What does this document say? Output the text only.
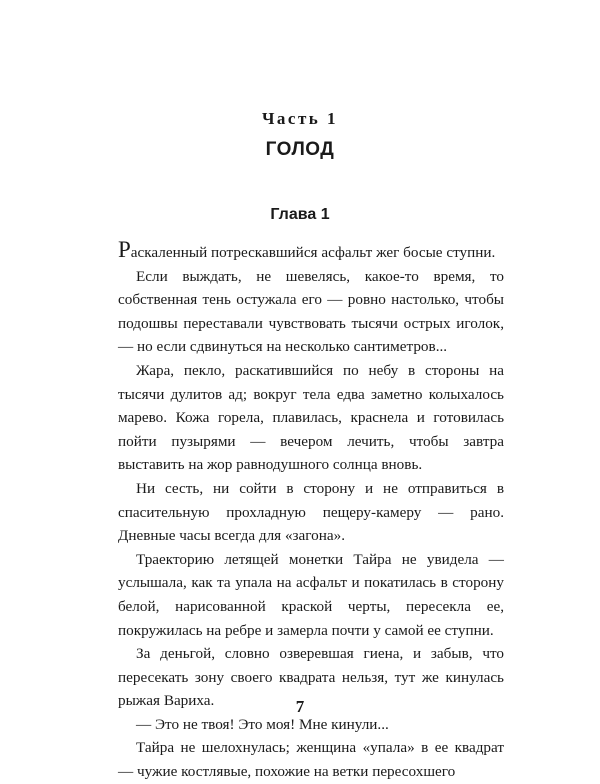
Часть 1
ГОЛОД
Глава 1

Раскаленный потрескавшийся асфальт жег босые ступни.

Если выждать, не шевелясь, какое-то время, то собственная тень остужала его — ровно настолько, чтобы подошвы переставали чувствовать тысячи острых иголок, — но если сдвинуться на несколько сантиметров...

Жара, пекло, раскатившийся по небу в стороны на тысячи дулитов ад; вокруг тела едва заметно колыхалось марево. Кожа горела, плавилась, краснела и готовилась пойти пузырями — вечером лечить, чтобы завтра выставить на жор равнодушного солнца вновь.

Ни сесть, ни сойти в сторону и не отправиться в спасительную прохладную пещеру-камеру — рано. Дневные часы всегда для «загона».

Траекторию летящей монетки Тайра не увидела — услышала, как та упала на асфальт и покатилась в сторону белой, нарисованной краской черты, пересекла ее, покружилась на ребре и замерла почти у самой ее ступни.

За деньгой, словно озверевшая гиена, и забыв, что пересекать зону своего квадрата нельзя, тут же кинулась рыжая Вариха.

— Это не твоя! Это моя! Мне кинули...

Тайра не шелохнулась; женщина «упала» в ее квадрат — чужие костлявые, похожие на ветки пересохшего

7
